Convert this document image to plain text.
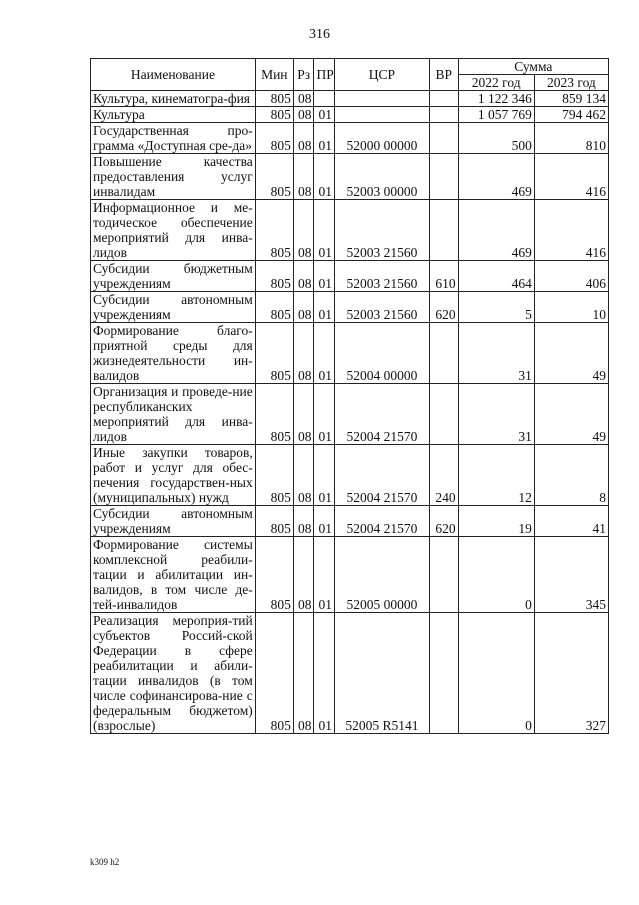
316
Наименование	Мин	Рз	ПР	ЦСР	ВР	Сумма	
						2022 год	2023 год
Культура, кинематогра-фия	805	08				1 122 346	859 134
Культура	805	08	01			1 057 769	794 462
Государственная про-грамма «Доступная сре-да»	805	08	01	52000 00000		500	810
Повышение качества предоставления услуг инвалидам	805	08	01	52003 00000		469	416
Информационное и ме-тодическое обеспечение мероприятий для инва-лидов	805	08	01	52003 21560		469	416
Субсидии бюджетным учреждениям	805	08	01	52003 21560	610	464	406
Субсидии автономным учреждениям	805	08	01	52003 21560	620	5	10
Формирование благо-приятной среды для жизнедеятельности ин-валидов	805	08	01	52004 00000		31	49
Организация и проведе-ние республиканских мероприятий для инва-лидов	805	08	01	52004 21570		31	49
Иные закупки товаров, работ и услуг для обес-печения государствен-ных (муниципальных) нужд	805	08	01	52004 21570	240	12	8
Субсидии автономным учреждениям	805	08	01	52004 21570	620	19	41
Формирование системы комплексной реабили-тации и абилитации ин-валидов, в том числе де-тей-инвалидов	805	08	01	52005 00000		0	345
Реализация мероприя-тий субъектов Россий-ской Федерации в сфере реабилитации и абили-тации инвалидов (в том числе софинансирова-ние с федеральным бюджетом) (взрослые)	805	08	01	52005 R5141		0	327
k309 h2
